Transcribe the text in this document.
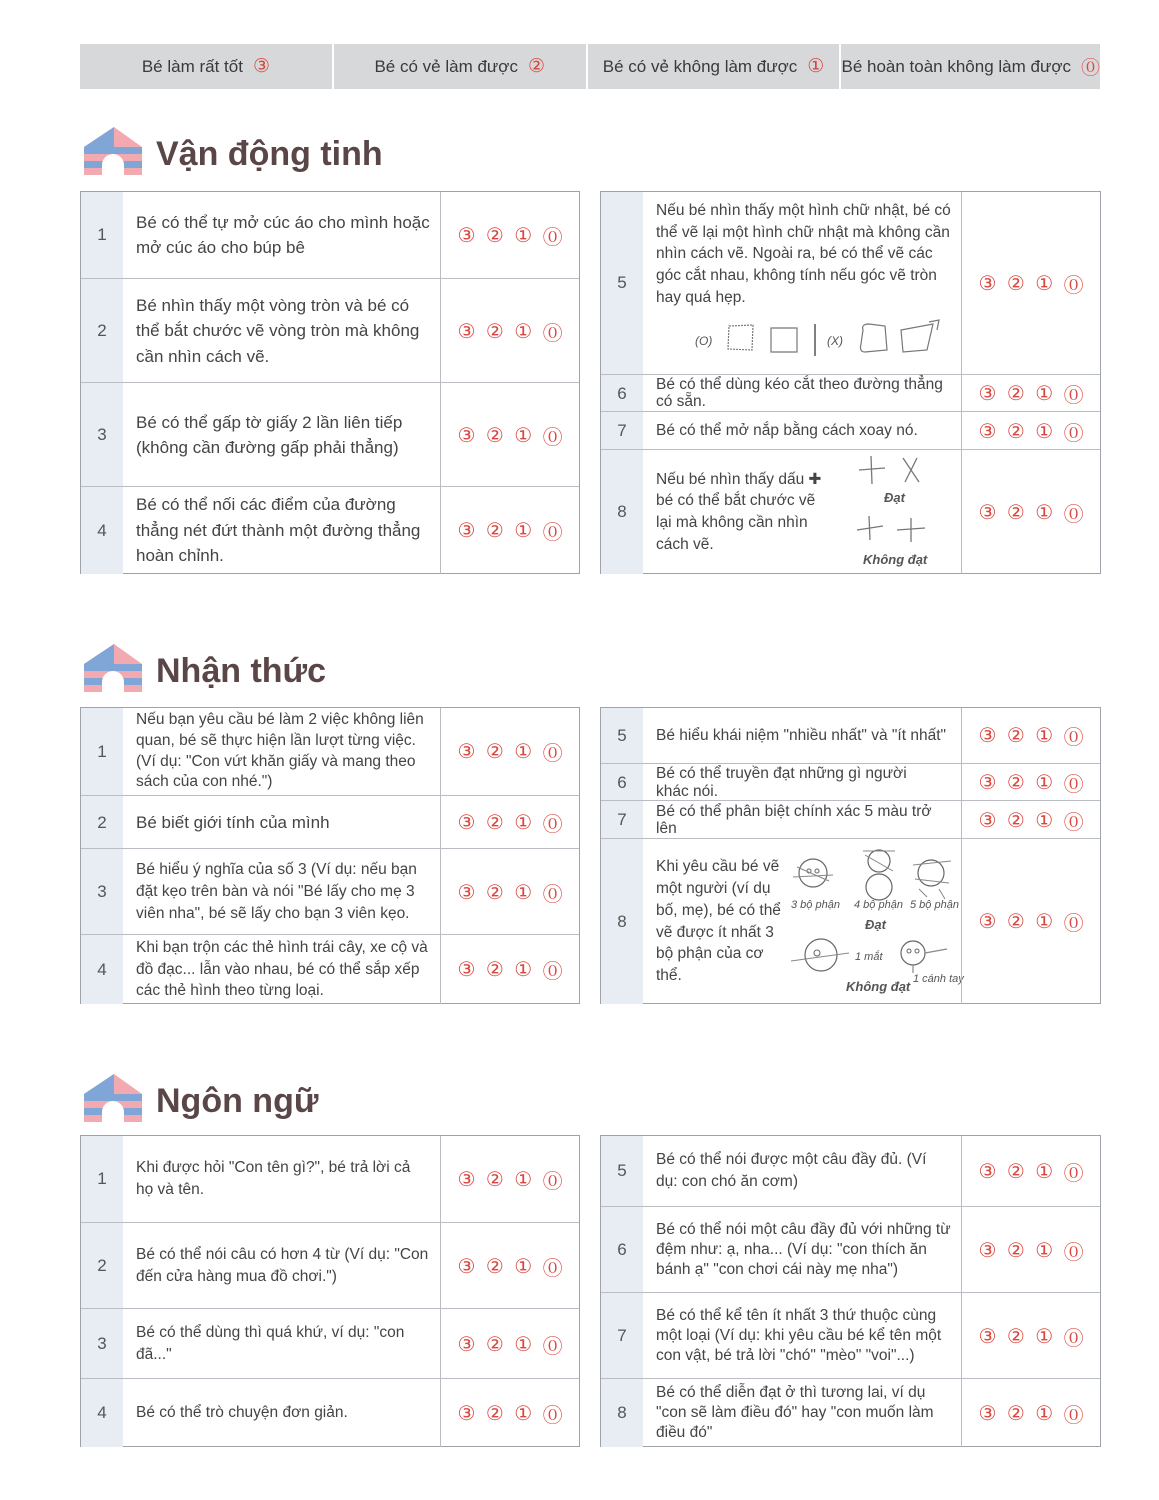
Bé làm rất tốt ③	Bé có vẻ làm được ②	Bé có vẻ không làm được ① Bé hoàn toàn không làm được ⓪
Vận động tinh
1
Bé có thể tự mở cúc áo cho mình hoặc mở cúc áo cho búp bê
③ ② ① ⓪
2
Bé nhìn thấy một vòng tròn và bé có thể bắt chước vẽ vòng tròn mà không cần nhìn cách vẽ.
③ ② ① ⓪
3
Bé có thể gấp tờ giấy 2 lần liên tiếp (không cần đường gấp phải thẳng)
③ ② ① ⓪
4
Bé có thể nối các điểm của đường thẳng nét đứt thành một đường thẳng hoàn chỉnh.
③ ② ① ⓪
5
Nếu bé nhìn thấy một hình chữ nhật, bé có thể vẽ lại một hình chữ nhật mà không cần nhìn cách vẽ. Ngoài ra, bé có thể vẽ các góc cắt nhau, không tính nếu góc vẽ tròn hay quá hẹp.
(O)	(X)
③ ② ① ⓪
6	Bé có thể dùng kéo cắt theo đường thẳng có sẵn.	③ ② ① ⓪
7	Bé có thể mở nắp bằng cách xoay nó.	③ ② ① ⓪
8
Nếu bé nhìn thấy dấu ✚ bé có thể bắt chước vẽ lại mà không cần nhìn cách vẽ.
Đạt
Không đạt
③ ② ① ⓪
Nhận thức
1
Nếu bạn yêu cầu bé làm 2 việc không liên quan, bé sẽ thực hiện lần lượt từng việc. (Ví dụ: "Con vứt khăn giấy và mang theo sách của con nhé.")
③ ② ① ⓪
2	Bé biết giới tính của mình	③ ② ① ⓪
3
Bé hiểu ý nghĩa của số 3 (Ví dụ: nếu bạn đặt kẹo trên bàn và nói "Bé lấy cho mẹ 3 viên nha", bé sẽ lấy cho bạn 3 viên kẹo.
③ ② ① ⓪
4
Khi bạn trộn các thẻ hình trái cây, xe cộ và đồ đạc... lẫn vào nhau, bé có thể sắp xếp các thẻ hình theo từng loại.
③ ② ① ⓪
5	Bé hiểu khái niệm "nhiều nhất" và "ít nhất" ③ ② ① ⓪
6	Bé có thể truyền đạt những gì người khác nói.	③ ② ① ⓪
7	Bé có thể phân biệt chính xác 5 màu trở lên	③ ② ① ⓪
8
Khi yêu cầu bé vẽ một người (ví dụ bố, mẹ), bé có thể vẽ được ít nhất 3 bộ phận của cơ thể.
3 bộ phận 4 bộ phận 5 bộ phận
Đạt
1 mắt
Không đạt 1 cánh tay
③ ② ① ⓪
Ngôn ngữ
1
Khi được hỏi "Con tên gì?", bé trả lời cả họ và tên.	③ ② ① ⓪
2
Bé có thể nói câu có hơn 4 từ (Ví dụ: "Con đến cửa hàng mua đồ chơi.")	③ ② ① ⓪
3
Bé có thể dùng thì quá khứ, ví dụ: "con đã..."	③ ② ① ⓪
4	Bé có thể trò chuyện đơn giản.	③ ② ① ⓪
5
Bé có thể nói được một câu đầy đủ. (Ví dụ: con chó ăn cơm)	③ ② ① ⓪
6
Bé có thể nói một câu đầy đủ với những từ đệm như: ạ, nha... (Ví dụ: "con thích ăn bánh ạ" "con chơi cái này mẹ nha")
③ ② ① ⓪
7
Bé có thể kể tên ít nhất 3 thứ thuộc cùng một loại (Ví dụ: khi yêu cầu bé kể tên một con vật, bé trả lời "chó" "mèo" "voi"...)
③ ② ① ⓪
8
Bé có thể diễn đạt ở thì tương lai, ví dụ "con sẽ làm điều đó" hay "con muốn làm điều đó"
③ ② ① ⓪
